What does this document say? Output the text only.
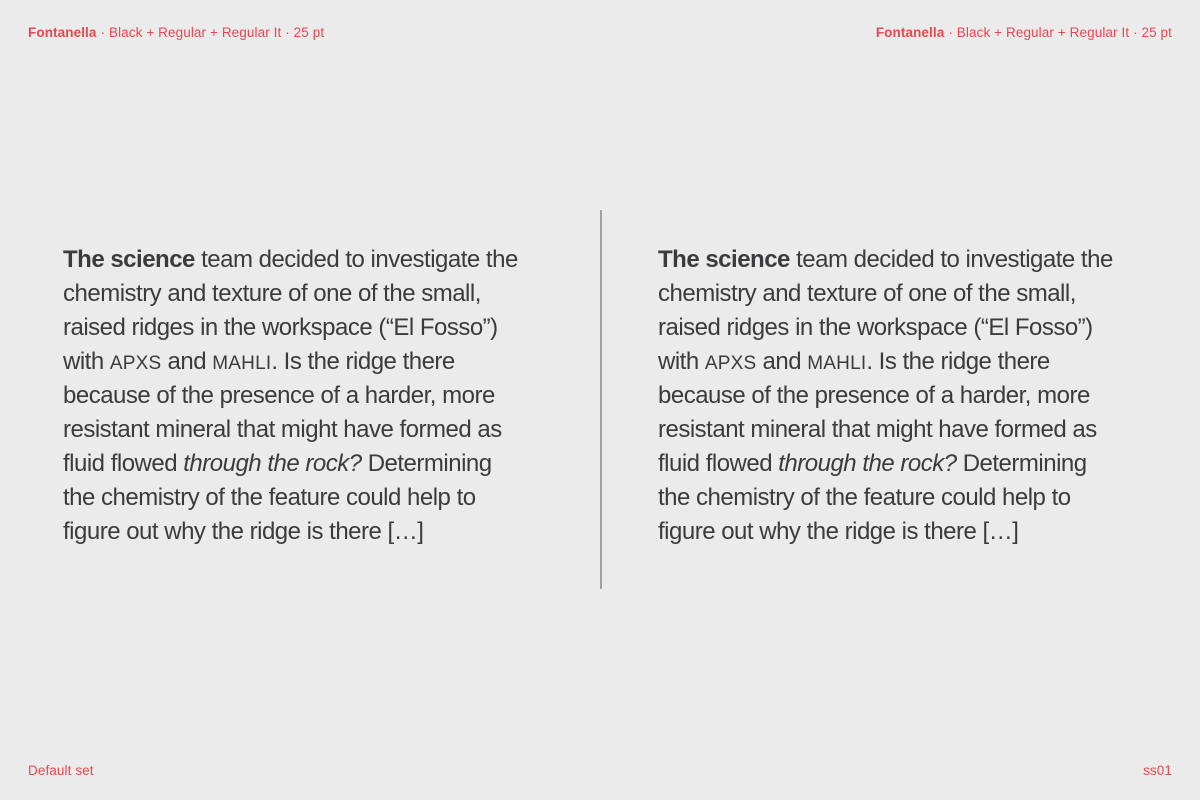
Fontanella · Black + Regular + Regular It · 25 pt	Fontanella · Black + Regular + Regular It · 25 pt
The science team decided to investigate the
chemistry and texture of one of the small,
raised ridges in the workspace (“El Fosso”)
with APXS and MAHLI. Is the ridge there
because of the presence of a harder, more
resistant mineral that might have formed as
fluid flowed through the rock? Determining
the chemistry of the feature could help to
figure out why the ridge is there […]
The science team decided to investigate the
chemistry and texture of one of the small,
raised ridges in the workspace (“El Fosso”)
with APXS and MAHLI. Is the ridge there
because of the presence of a harder, more
resistant mineral that might have formed as
fluid flowed through the rock? Determining
the chemistry of the feature could help to
figure out why the ridge is there […]
Default set	ss01
